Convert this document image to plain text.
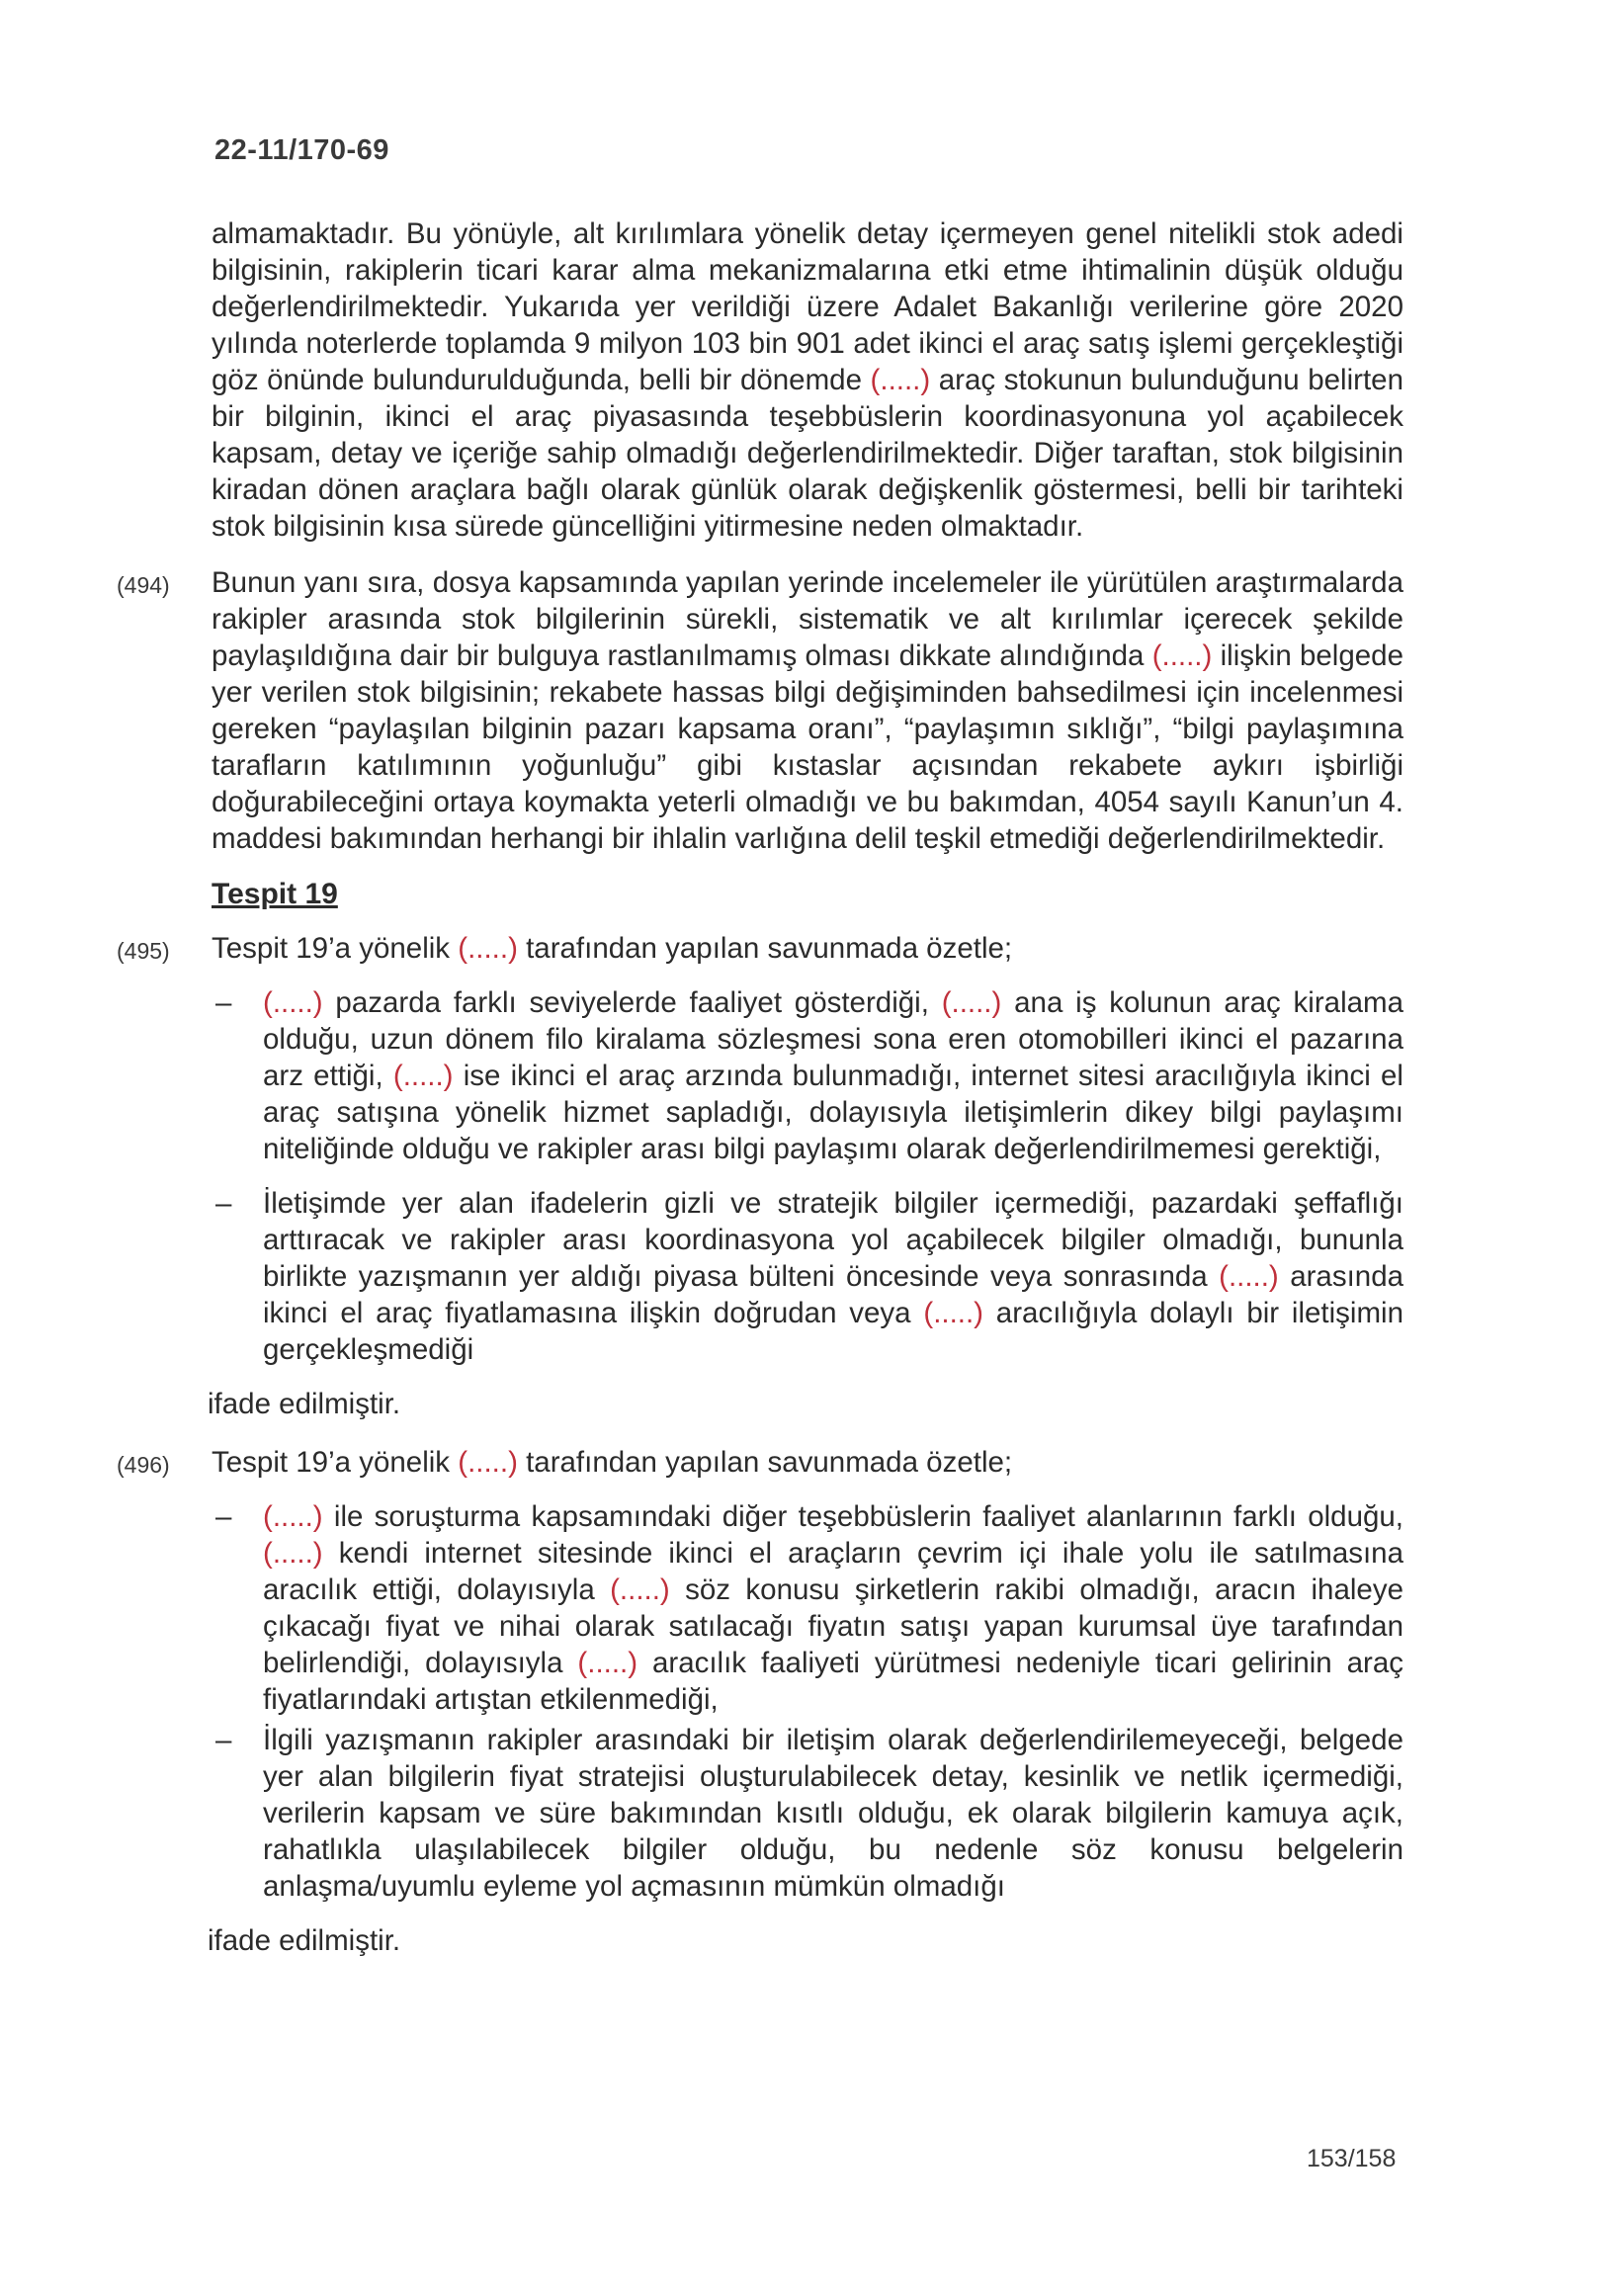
22-11/170-69
almamaktadır. Bu yönüyle, alt kırılımlara yönelik detay içermeyen genel nitelikli stok adedi bilgisinin, rakiplerin ticari karar alma mekanizmalarına etki etme ihtimalinin düşük olduğu değerlendirilmektedir. Yukarıda yer verildiği üzere Adalet Bakanlığı verilerine göre 2020 yılında noterlerde toplamda 9 milyon 103 bin 901 adet ikinci el araç satış işlemi gerçekleştiği göz önünde bulundurulduğunda, belli bir dönemde (.....) araç stokunun bulunduğunu belirten bir bilginin, ikinci el araç piyasasında teşebbüslerin koordinasyonuna yol açabilecek kapsam, detay ve içeriğe sahip olmadığı değerlendirilmektedir. Diğer taraftan, stok bilgisinin kiradan dönen araçlara bağlı olarak günlük olarak değişkenlik göstermesi, belli bir tarihteki stok bilgisinin kısa sürede güncelliğini yitirmesine neden olmaktadır.
(494) Bunun yanı sıra, dosya kapsamında yapılan yerinde incelemeler ile yürütülen araştırmalarda rakipler arasında stok bilgilerinin sürekli, sistematik ve alt kırılımlar içerecek şekilde paylaşıldığına dair bir bulguya rastlanılmamış olması dikkate alındığında (.....) ilişkin belgede yer verilen stok bilgisinin; rekabete hassas bilgi değişiminden bahsedilmesi için incelenmesi gereken “paylaşılan bilginin pazarı kapsama oranı”, “paylaşımın sıklığı”, “bilgi paylaşımına tarafların katılımının yoğunluğu” gibi kıstaslar açısından rekabete aykırı işbirliği doğurabileceğini ortaya koymakta yeterli olmadığı ve bu bakımdan, 4054 sayılı Kanun’un 4. maddesi bakımından herhangi bir ihlalin varlığına delil teşkil etmediği değerlendirilmektedir.
Tespit 19
(495) Tespit 19’a yönelik (.....) tarafından yapılan savunmada özetle;
– (.....) pazarda farklı seviyelerde faaliyet gösterdiği, (.....) ana iş kolunun araç kiralama olduğu, uzun dönem filo kiralama sözleşmesi sona eren otomobilleri ikinci el pazarına arz ettiği, (.....) ise ikinci el araç arzında bulunmadığı, internet sitesi aracılığıyla ikinci el araç satışına yönelik hizmet sapladığı, dolayısıyla iletişimlerin dikey bilgi paylaşımı niteliğinde olduğu ve rakipler arası bilgi paylaşımı olarak değerlendirilmemesi gerektiği,
– İletişimde yer alan ifadelerin gizli ve stratejik bilgiler içermediği, pazardaki şeffaflığı arttıracak ve rakipler arası koordinasyona yol açabilecek bilgiler olmadığı, bununla birlikte yazışmanın yer aldığı piyasa bülteni öncesinde veya sonrasında (.....) arasında ikinci el araç fiyatlamasına ilişkin doğrudan veya (.....) aracılığıyla dolaylı bir iletişimin gerçekleşmediği
ifade edilmiştir.
(496) Tespit 19’a yönelik (.....) tarafından yapılan savunmada özetle;
– (.....) ile soruşturma kapsamındaki diğer teşebbüslerin faaliyet alanlarının farklı olduğu, (.....) kendi internet sitesinde ikinci el araçların çevrim içi ihale yolu ile satılmasına aracılık ettiği, dolayısıyla (.....) söz konusu şirketlerin rakibi olmadığı, aracın ihaleye çıkacağı fiyat ve nihai olarak satılacağı fiyatın satışı yapan kurumsal üye tarafından belirlendiği, dolayısıyla (.....) aracılık faaliyeti yürütmesi nedeniyle ticari gelirinin araç fiyatlarındaki artıştan etkilenmediği,
– İlgili yazışmanın rakipler arasındaki bir iletişim olarak değerlendirilemeyeceği, belgede yer alan bilgilerin fiyat stratejisi oluşturulabilecek detay, kesinlik ve netlik içermediği, verilerin kapsam ve süre bakımından kısıtlı olduğu, ek olarak bilgilerin kamuya açık, rahatlıkla ulaşılabilecek bilgiler olduğu, bu nedenle söz konusu belgelerin anlaşma/uyumlu eyleme yol açmasının mümkün olmadığı
ifade edilmiştir.
153/158
